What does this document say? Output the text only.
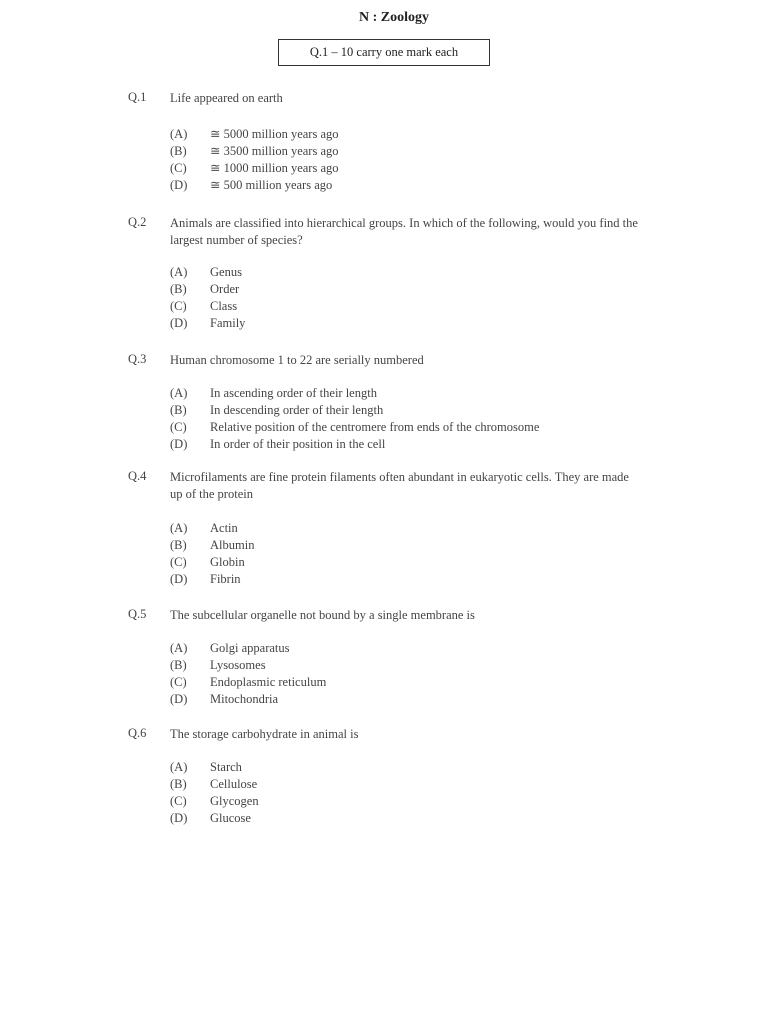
N : Zoology
Q.1 – 10 carry one mark each
Q.1 Life appeared on earth
(A) ≅ 5000 million years ago
(B) ≅ 3500 million years ago
(C) ≅ 1000 million years ago
(D) ≅ 500 million years ago
Q.2 Animals are classified into hierarchical groups. In which of the following, would you find the largest number of species?
(A) Genus
(B) Order
(C) Class
(D) Family
Q.3 Human chromosome 1 to 22 are serially numbered
(A) In ascending order of their length
(B) In descending order of their length
(C) Relative position of the centromere from ends of the chromosome
(D) In order of their position in the cell
Q.4 Microfilaments are fine protein filaments often abundant in eukaryotic cells. They are made up of the protein
(A) Actin
(B) Albumin
(C) Globin
(D) Fibrin
Q.5 The subcellular organelle not bound by a single membrane is
(A) Golgi apparatus
(B) Lysosomes
(C) Endoplasmic reticulum
(D) Mitochondria
Q.6 The storage carbohydrate in animal is
(A) Starch
(B) Cellulose
(C) Glycogen
(D) Glucose
